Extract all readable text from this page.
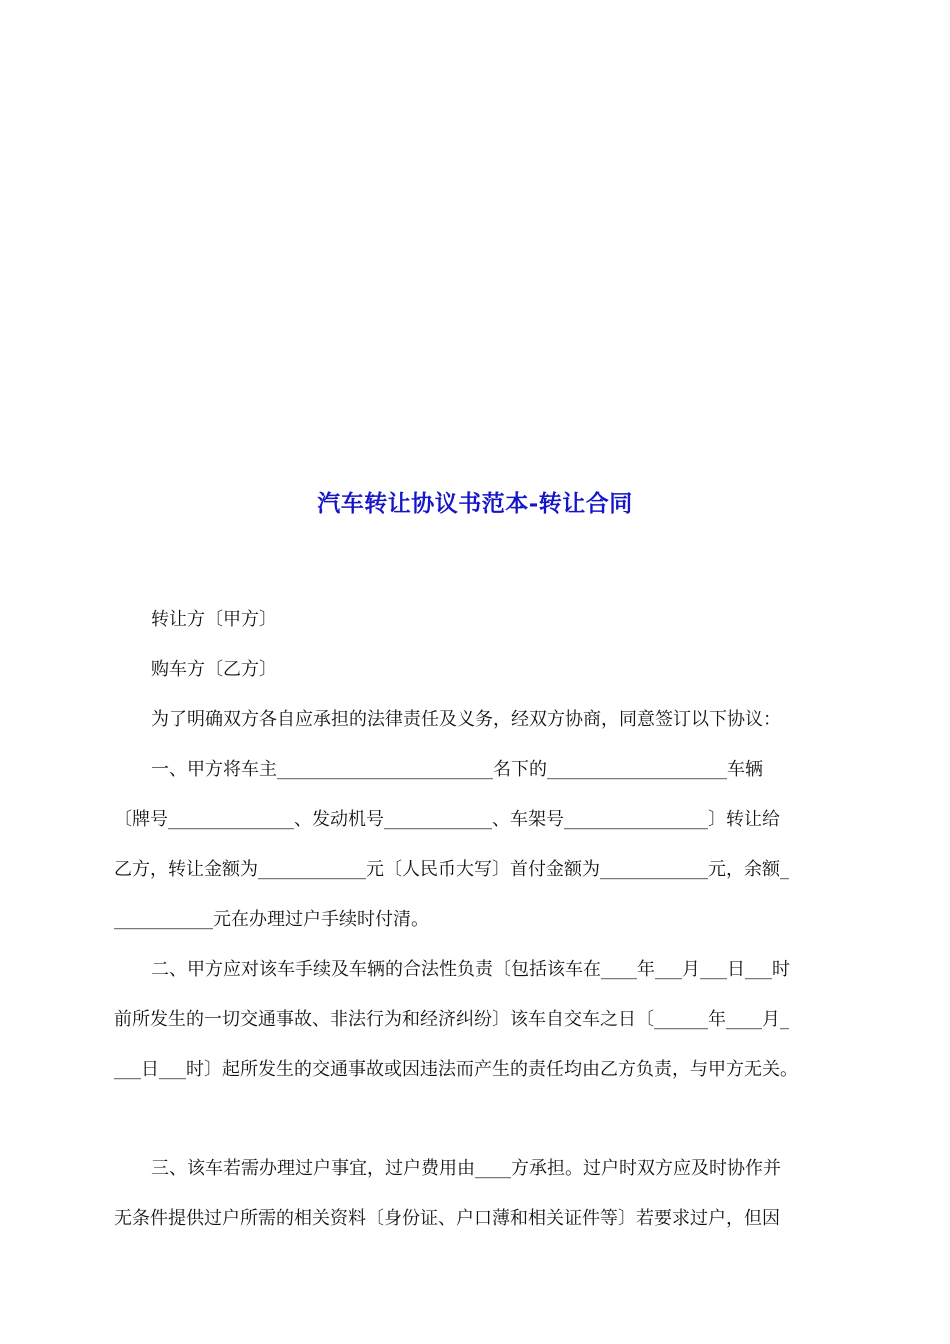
汽车转让协议书范本-转让合同
转让方〔甲方〕
购车方〔乙方〕
为了明确双方各自应承担的法律责任及义务，经双方协商，同意签订以下协议：
一、甲方将车主________________________名下的____________________车辆
〔牌号______________、发动机号____________、车架号________________〕转让给
乙方，转让金额为____________元〔人民币大写〕首付金额为____________元，余额_
___________元在办理过户手续时付清。
二、甲方应对该车手续及车辆的合法性负责〔包括该车在____年___月___日___时
前所发生的一切交通事故、非法行为和经济纠纷〕该车自交车之日〔______年____月_
___日___时〕起所发生的交通事故或因违法而产生的责任均由乙方负责，与甲方无关。
三、该车若需办理过户事宜，过户费用由____方承担。过户时双方应及时协作并
无条件提供过户所需的相关资料〔身份证、户口薄和相关证件等〕若要求过户，但因
